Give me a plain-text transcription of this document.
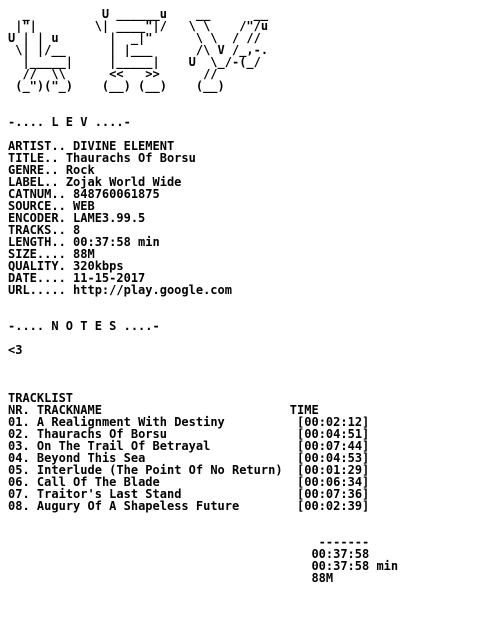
_          U ______u    __      __
|"|        \| ____"|/   \ \    /"/u
U | | u       |  _|"      \ \  / //
\| |/__      | |___      /\ V /_,-.
|_____|     |_____|    U  \_/-(_/
//  \\      <<   >>      //
(_")("_)    (__) (__)    (__)

-.... L E V ....-

ARTIST.. DIVINE ELEMENT
TITLE.. Thaurachs Of Borsu
GENRE.. Rock
LABEL.. Zojak World Wide
CATNUM.. 848760061875
SOURCE.. WEB
ENCODER. LAME3.99.5
TRACKS.. 8
LENGTH.. 00:37:58 min
SIZE.... 88M
QUALITY. 320kbps
DATE.... 11-15-2017
URL..... http://play.google.com

-.... N O T E S ....-

<3

TRACKLIST
NR. TRACKNAME	TIME
01. A Realignment With Destiny	[00:02:12]
02. Thaurachs Of Borsu	[00:04:51]
03. On The Trail Of Betrayal	[00:07:44]
04. Beyond This Sea	[00:04:53]
05. Interlude (The Point Of No Return) [00:01:29]
06. Call Of The Blade	[00:06:34]
07. Traitor's Last Stand	[00:07:36]
08. Augury Of A Shapeless Future	[00:02:39]

-------
00:37:58
00:37:58 min
88M
